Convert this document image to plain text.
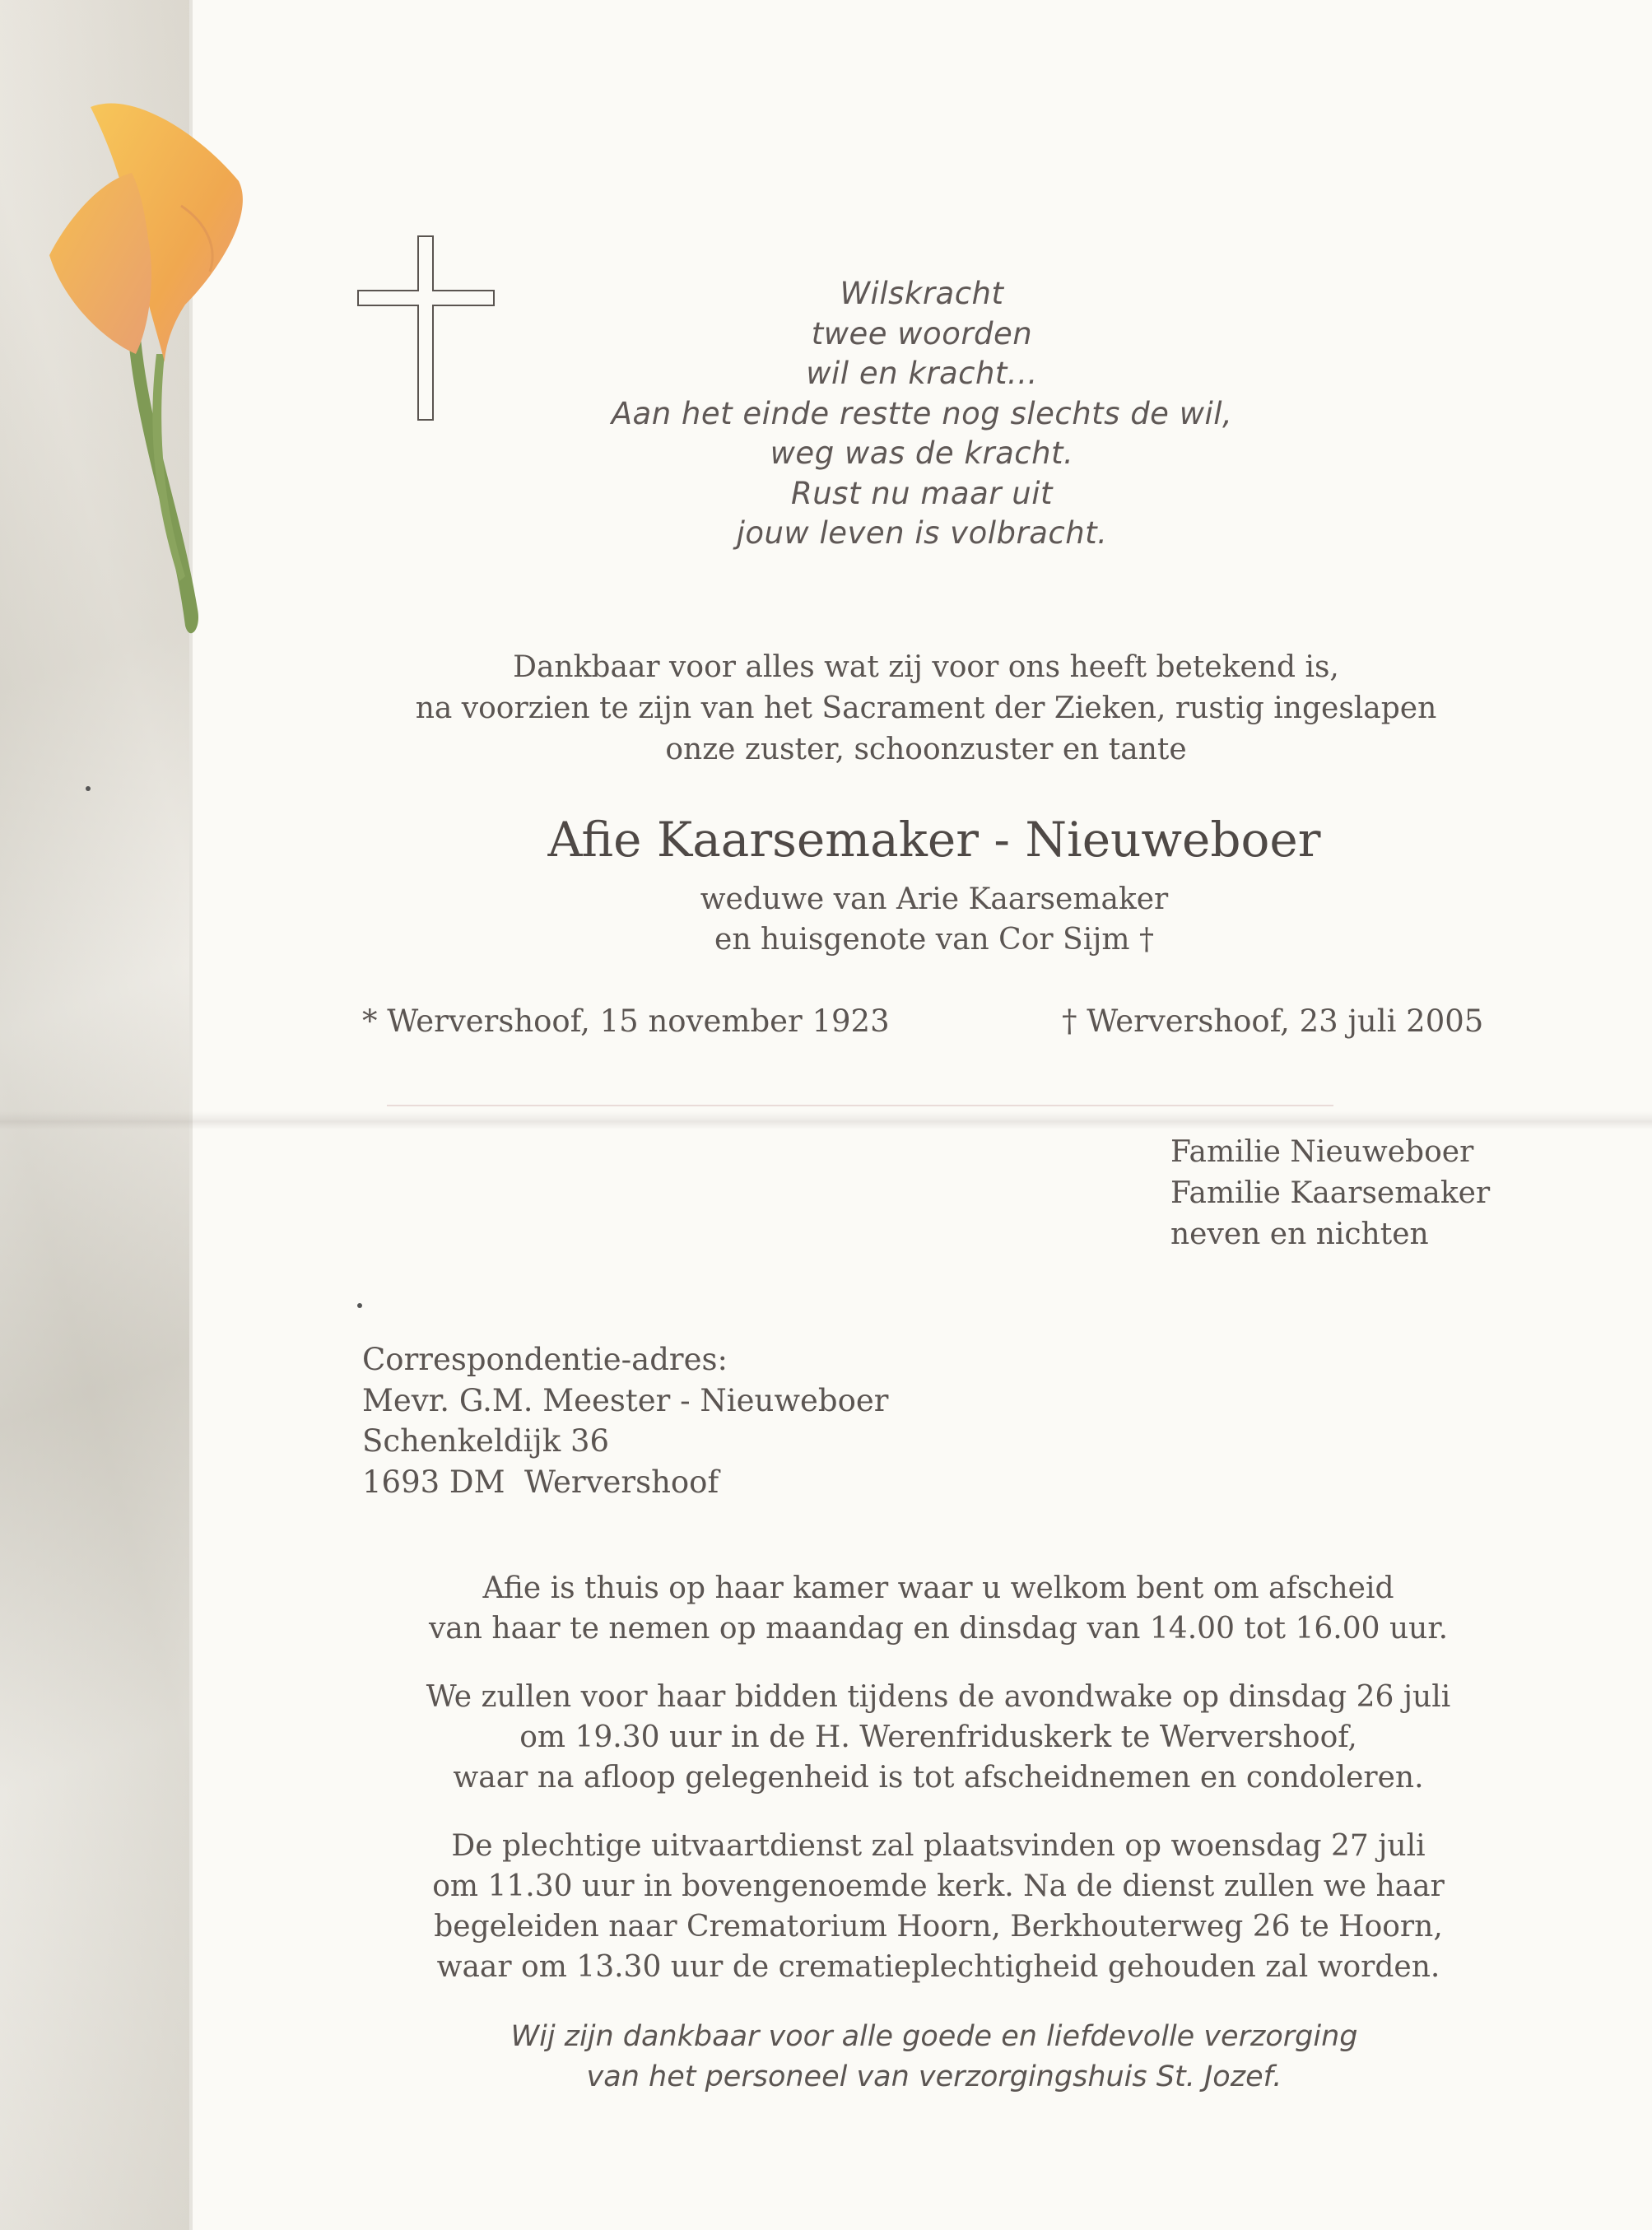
Wilskracht
twee woorden
wil en kracht...
Aan het einde restte nog slechts de wil,
weg was de kracht.
Rust nu maar uit
jouw leven is volbracht.
Dankbaar voor alles wat zij voor ons heeft betekend is,
na voorzien te zijn van het Sacrament der Zieken, rustig ingeslapen
onze zuster, schoonzuster en tante
Afie Kaarsemaker - Nieuweboer
weduwe van Arie Kaarsemaker
en huisgenote van Cor Sijm †
* Wervershoof, 15 november 1923	† Wervershoof, 23 juli 2005
Familie Nieuweboer
Familie Kaarsemaker
neven en nichten
Correspondentie-adres:
Mevr. G.M. Meester - Nieuweboer
Schenkeldijk 36
1693 DM  Wervershoof
Afie is thuis op haar kamer waar u welkom bent om afscheid
van haar te nemen op maandag en dinsdag van 14.00 tot 16.00 uur.
We zullen voor haar bidden tijdens de avondwake op dinsdag 26 juli
om 19.30 uur in de H. Werenfriduskerk te Wervershoof,
waar na afloop gelegenheid is tot afscheidnemen en condoleren.
De plechtige uitvaartdienst zal plaatsvinden op woensdag 27 juli
om 11.30 uur in bovengenoemde kerk. Na de dienst zullen we haar
begeleiden naar Crematorium Hoorn, Berkhouterweg 26 te Hoorn,
waar om 13.30 uur de crematieplechtigheid gehouden zal worden.
Wij zijn dankbaar voor alle goede en liefdevolle verzorging
van het personeel van verzorgingshuis St. Jozef.
